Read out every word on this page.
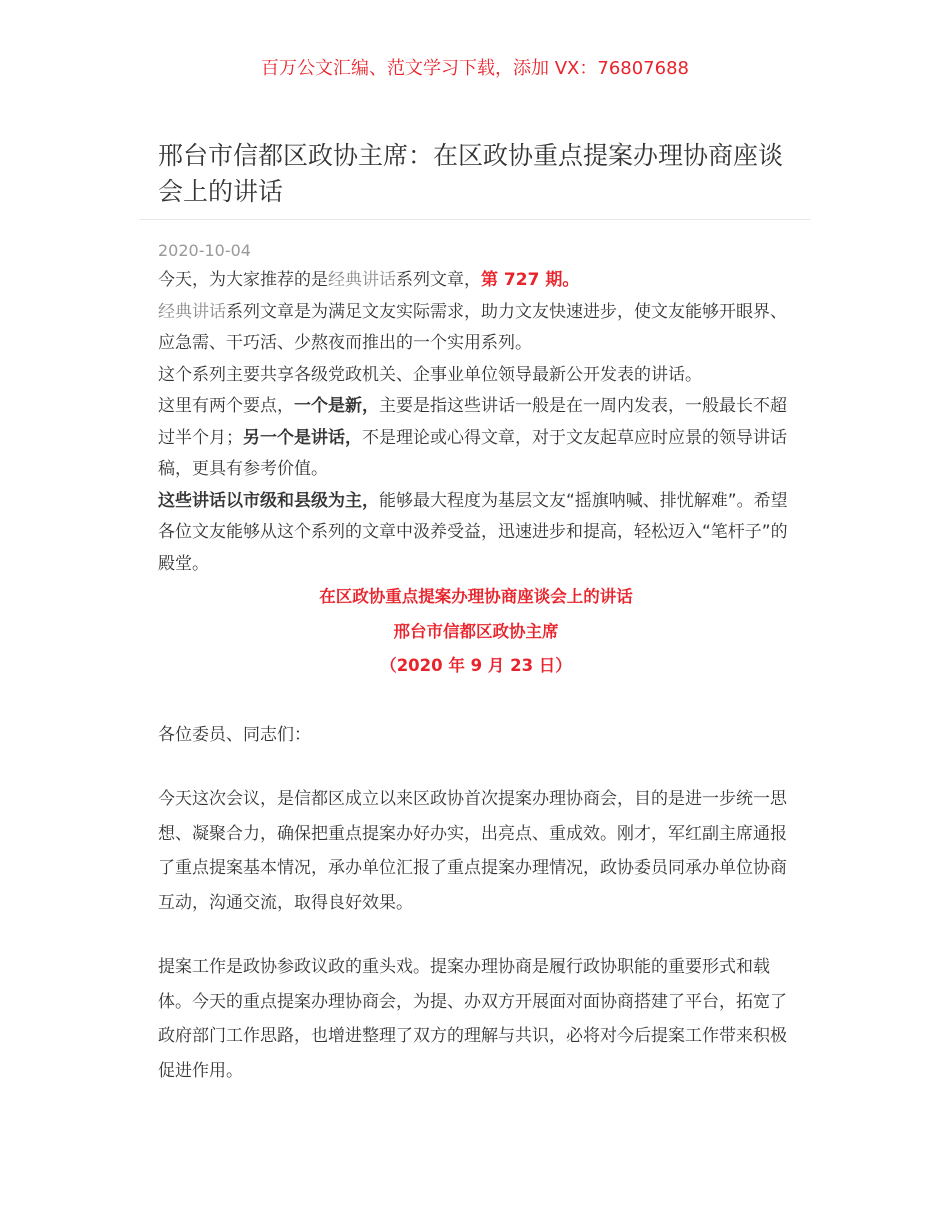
百万公文汇编、范文学习下载，添加 VX：76807688
邢台市信都区政协主席：在区政协重点提案办理协商座谈会上的讲话
2020-10-04

今天，为大家推荐的是经典讲话系列文章，第 727 期。

经典讲话系列文章是为满足文友实际需求，助力文友快速进步，使文友能够开眼界、应急需、干巧活、少熬夜而推出的一个实用系列。

这个系列主要共享各级党政机关、企事业单位领导最新公开发表的讲话。

这里有两个要点，一个是新，主要是指这些讲话一般是在一周内发表，一般最长不超过半个月；另一个是讲话，不是理论或心得文章，对于文友起草应时应景的领导讲话稿，更具有参考价值。

这些讲话以市级和县级为主，能够最大程度为基层文友“摇旗呐喊、排忧解难”。希望各位文友能够从这个系列的文章中汲养受益，迅速进步和提高，轻松迈入“笔杆子”的殿堂。

在区政协重点提案办理协商座谈会上的讲话

邢台市信都区政协主席

（2020 年 9 月 23 日）

各位委员、同志们：

今天这次会议，是信都区成立以来区政协首次提案办理协商会，目的是进一步统一思想、凝聚合力，确保把重点提案办好办实，出亮点、重成效。刚才，军红副主席通报了重点提案基本情况，承办单位汇报了重点提案办理情况，政协委员同承办单位协商互动，沟通交流，取得良好效果。

提案工作是政协参政议政的重头戏。提案办理协商是履行政协职能的重要形式和载体。今天的重点提案办理协商会，为提、办双方开展面对面协商搭建了平台，拓宽了政府部门工作思路，也增进整理了双方的理解与共识，必将对今后提案工作带来积极促进作用。
